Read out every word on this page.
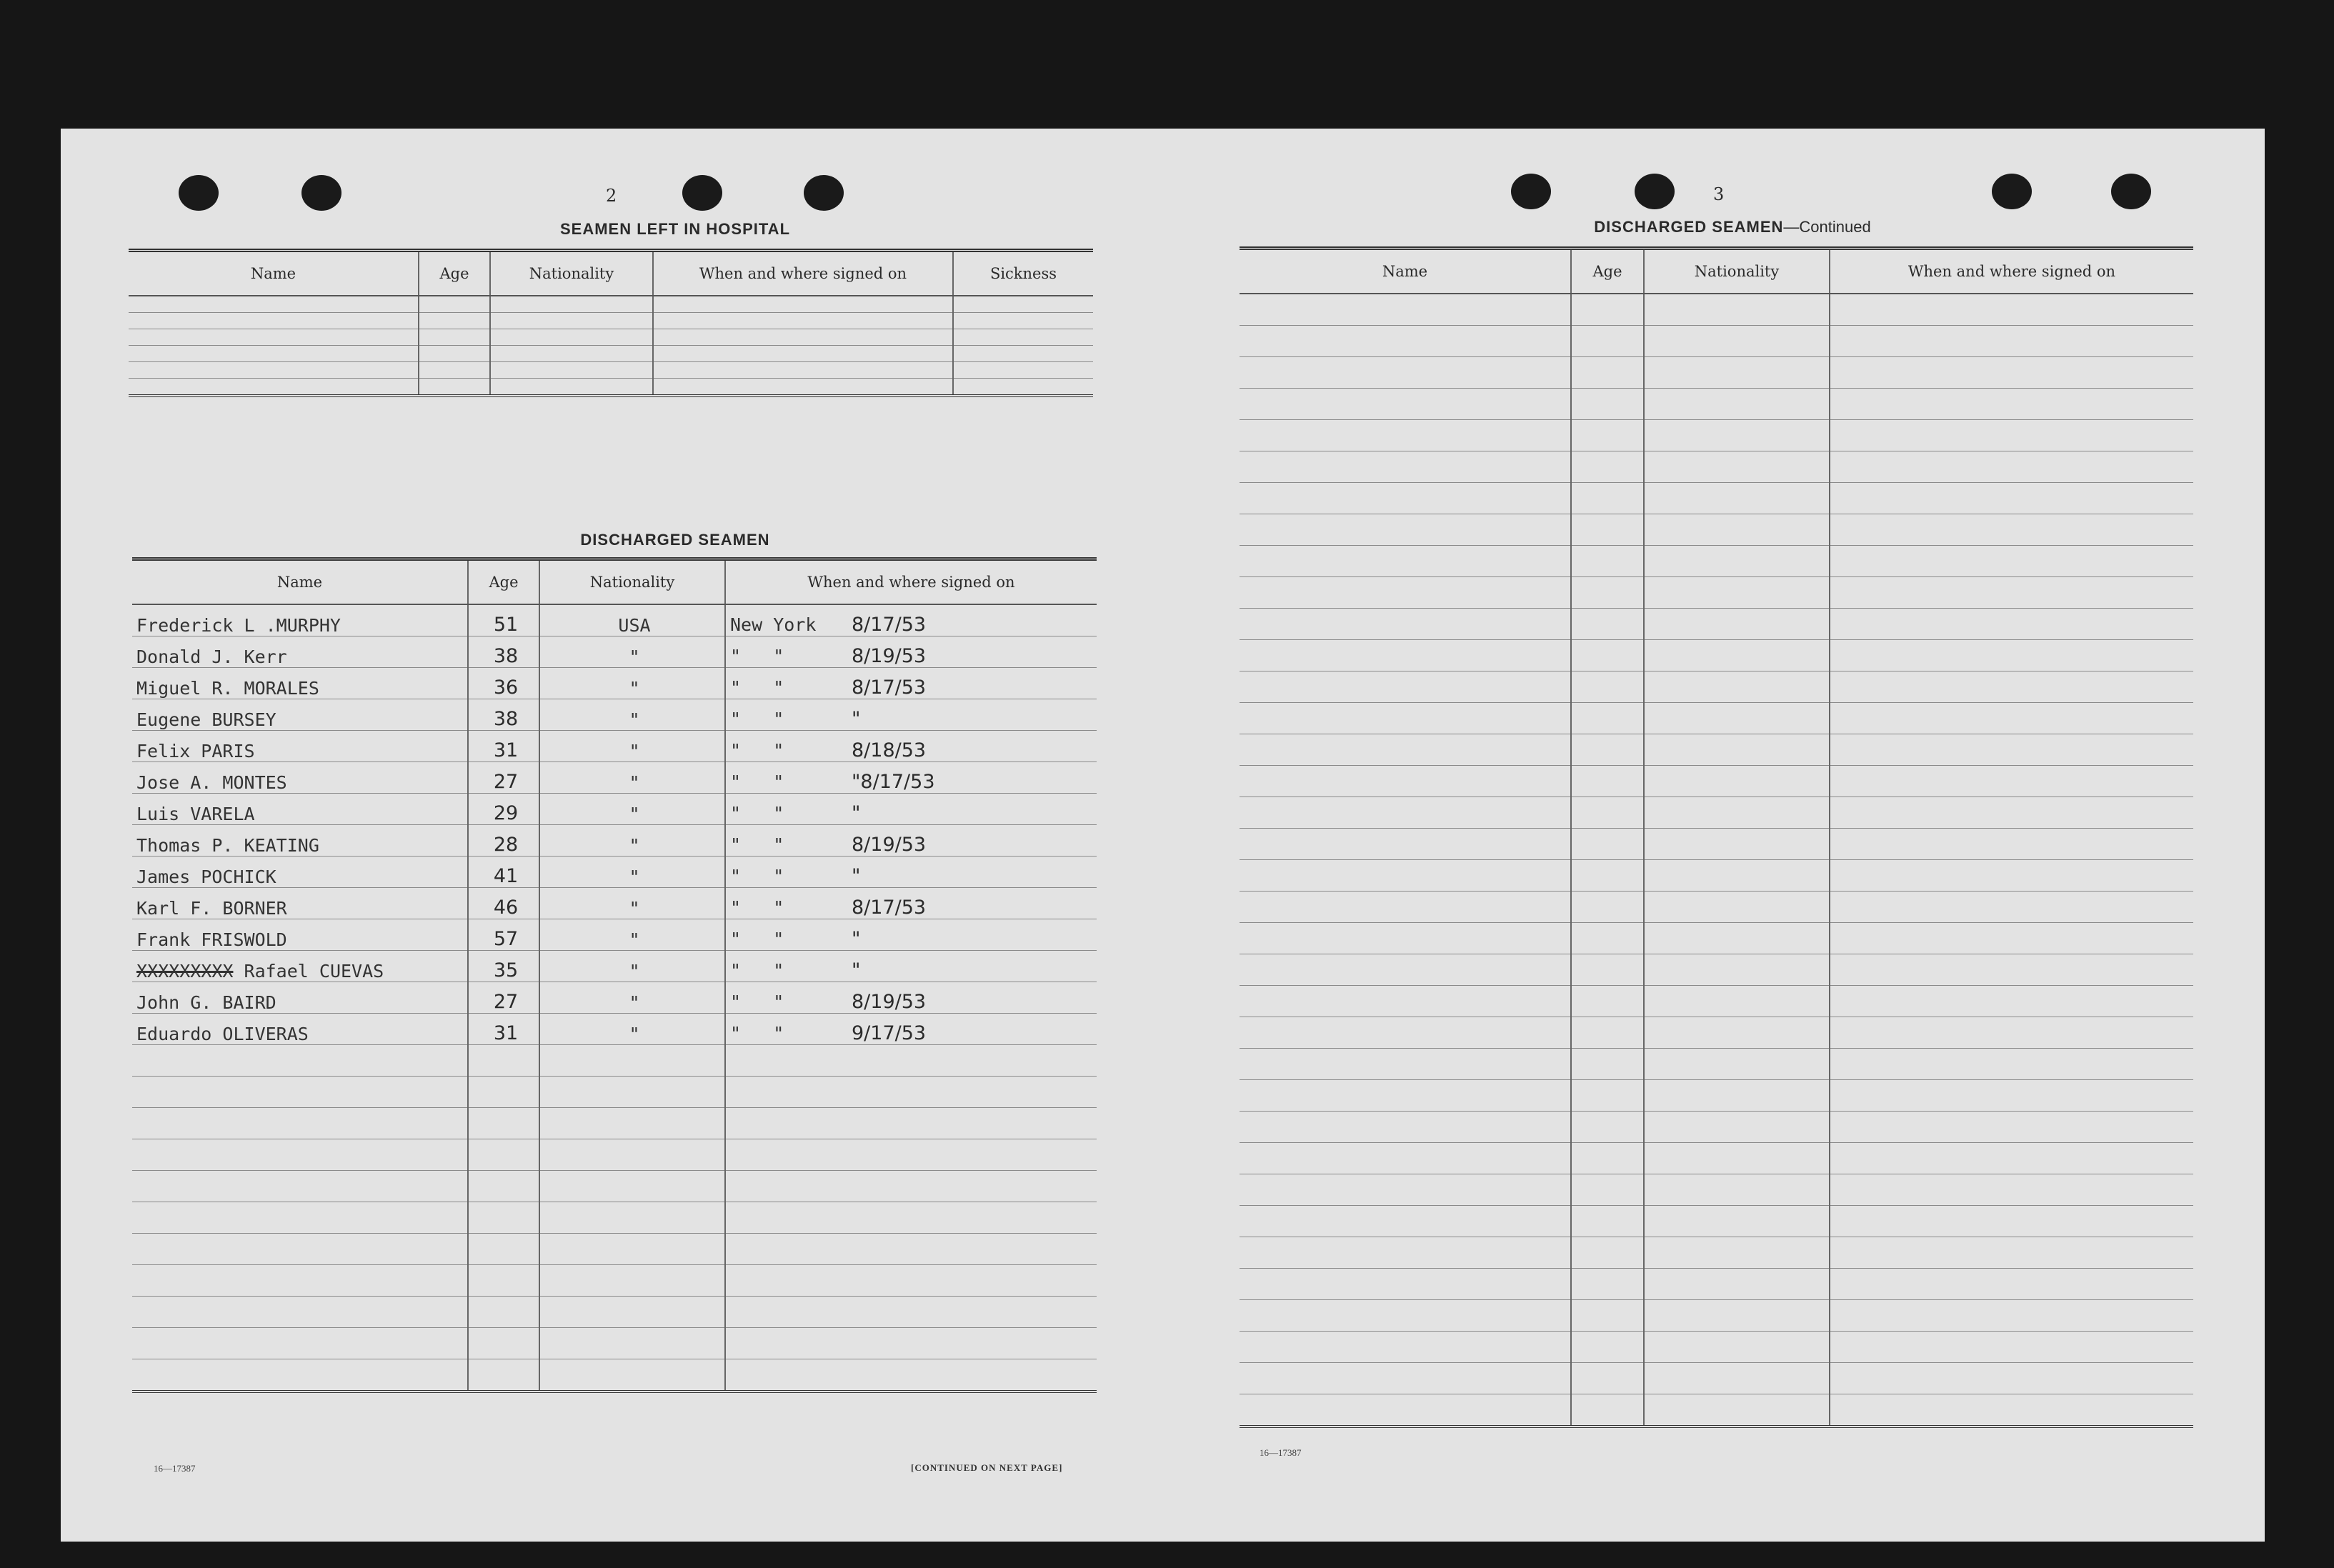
2
SEAMEN LEFT IN HOSPITAL
Name	Age	Nationality	When and where signed on	Sickness

DISCHARGED SEAMEN
Name	Age	Nationality	When and where signed on
Frederick L .MURPHY	51	USA	New York 8/17/53
Donald J. Kerr	38	"	"   " 8/19/53
Miguel R. MORALES	36	"	"   " 8/17/53
Eugene BURSEY	38	"	"   " "
Felix PARIS	31	"	"   " 8/18/53
Jose A. MONTES	27	"	"   " "8/17/53
Luis VARELA	29	"	"   " "
Thomas P. KEATING	28	"	"   " 8/19/53
James POCHICK	41	"	"   " "
Karl F. BORNER	46	"	"   " 8/17/53
Frank FRISWOLD	57	"	"   " "
XXXXXXXXX Rafael CUEVAS	35	"	"   " "
John G. BAIRD	27	"	"   " 8/19/53
Eduardo OLIVERAS	31	"	"   " 9/17/53

16—17387	[CONTINUED ON NEXT PAGE]
3
DISCHARGED SEAMEN—Continued
Name	Age	Nationality	When and where signed on

16—17387
